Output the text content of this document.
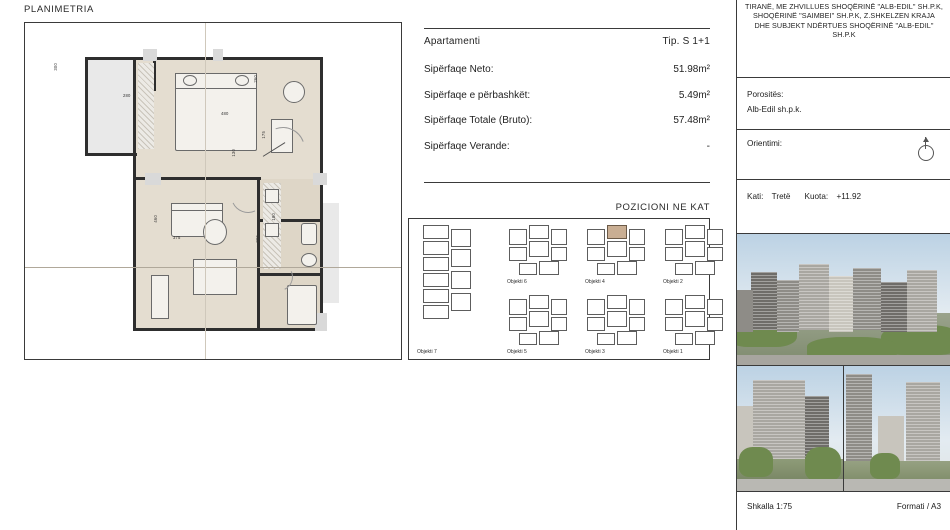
PLANIMETRIA
300
280
480
260
175
130
375
460
205
180
Apartamenti	Tip. S 1+1
Sipërfaqe Neto:	51.98m²
Sipërfaqe e përbashkët:	5.49m²
Sipërfaqe Totale (Bruto):	57.48m²
Sipërfaqe Verande:	-
POZICIONI NE KAT
Objekti 6	Objekti 4	Objekti 2
Objekti 7	Objekti 5	Objekti 3	Objekti 1
TIRANË, ME ZHVILLUES SHOQËRINË "ALB-EDIL" SH.P.K, SHOQËRINË "SAIMBEI" SH.P.K, Z.SHKELZEN KRAJA DHE SUBJEKT NDËRTUES SHOQËRINË "ALB-EDIL" SH.P.K
Porositës:
Alb-Edil sh.p.k.
Orientimi:
Kati: Tretë Kuota: +11.92
Shkalla 1:75	Formati / A3
